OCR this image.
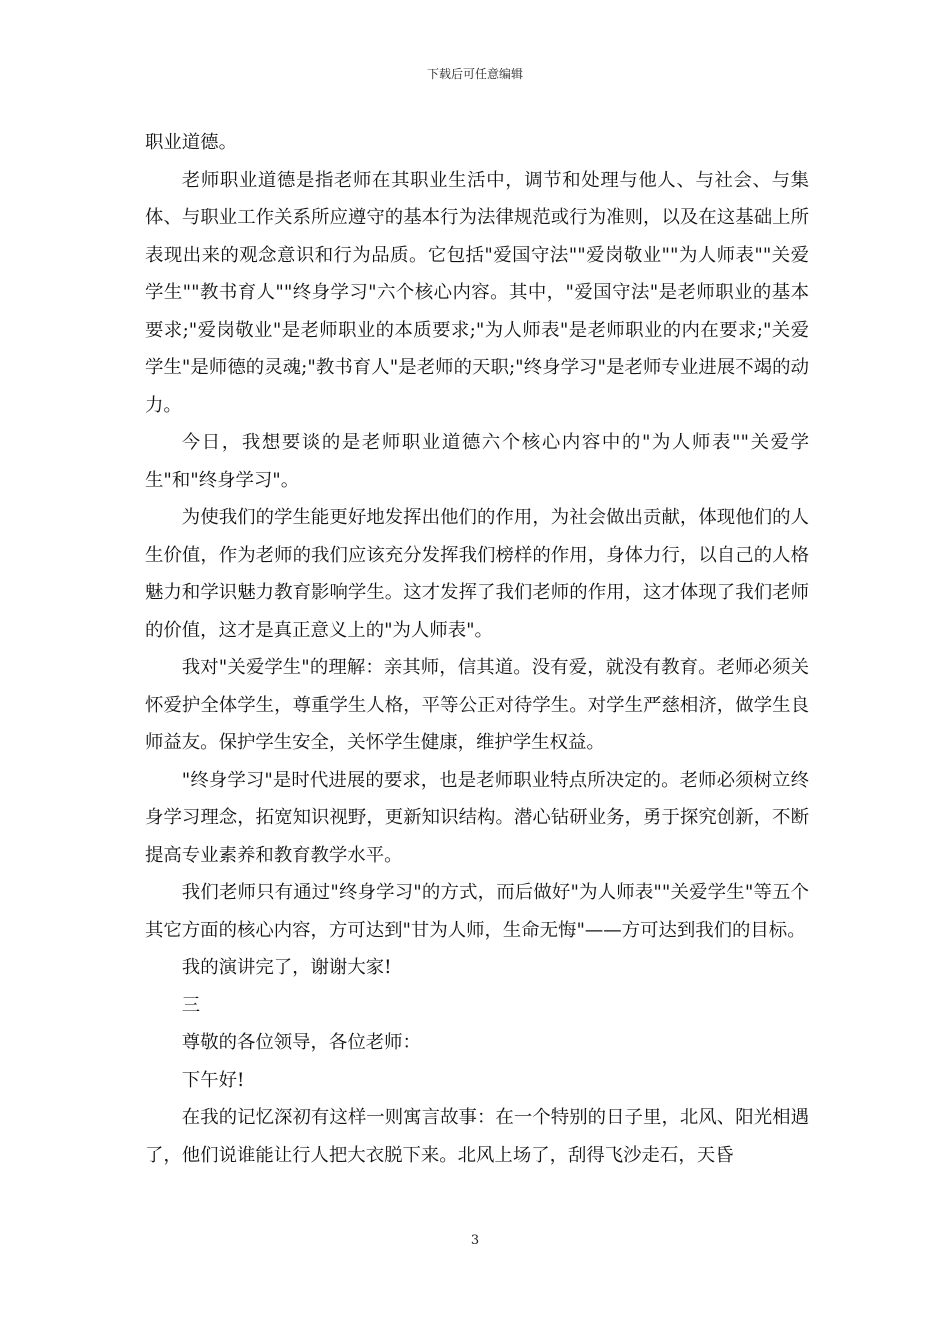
下载后可任意编辑

职业道德。

老师职业道德是指老师在其职业生活中，调节和处理与他人、与社会、与集体、与职业工作关系所应遵守的基本行为法律规范或行为准则，以及在这基础上所表现出来的观念意识和行为品质。它包括"爱国守法""爱岗敬业""为人师表""关爱学生""教书育人""终身学习"六个核心内容。其中，"爱国守法"是老师职业的基本要求;"爱岗敬业"是老师职业的本质要求;"为人师表"是老师职业的内在要求;"关爱学生"是师德的灵魂;"教书育人"是老师的天职;"终身学习"是老师专业进展不竭的动力。

今日，我想要谈的是老师职业道德六个核心内容中的"为人师表""关爱学生"和"终身学习"。

为使我们的学生能更好地发挥出他们的作用，为社会做出贡献，体现他们的人生价值，作为老师的我们应该充分发挥我们榜样的作用，身体力行，以自己的人格魅力和学识魅力教育影响学生。这才发挥了我们老师的作用，这才体现了我们老师的价值，这才是真正意义上的"为人师表"。

我对"关爱学生"的理解：亲其师，信其道。没有爱，就没有教育。老师必须关怀爱护全体学生，尊重学生人格，平等公正对待学生。对学生严慈相济，做学生良师益友。保护学生安全，关怀学生健康，维护学生权益。

"终身学习"是时代进展的要求，也是老师职业特点所决定的。老师必须树立终身学习理念，拓宽知识视野，更新知识结构。潜心钻研业务，勇于探究创新，不断提高专业素养和教育教学水平。

我们老师只有通过"终身学习"的方式，而后做好"为人师表""关爱学生"等五个其它方面的核心内容，方可达到"甘为人师，生命无悔"——方可达到我们的目标。

我的演讲完了，谢谢大家!

三

尊敬的各位领导，各位老师：

下午好!

在我的记忆深初有这样一则寓言故事：在一个特别的日子里，北风、阳光相遇了，他们说谁能让行人把大衣脱下来。北风上场了，刮得飞沙走石，天昏

3
